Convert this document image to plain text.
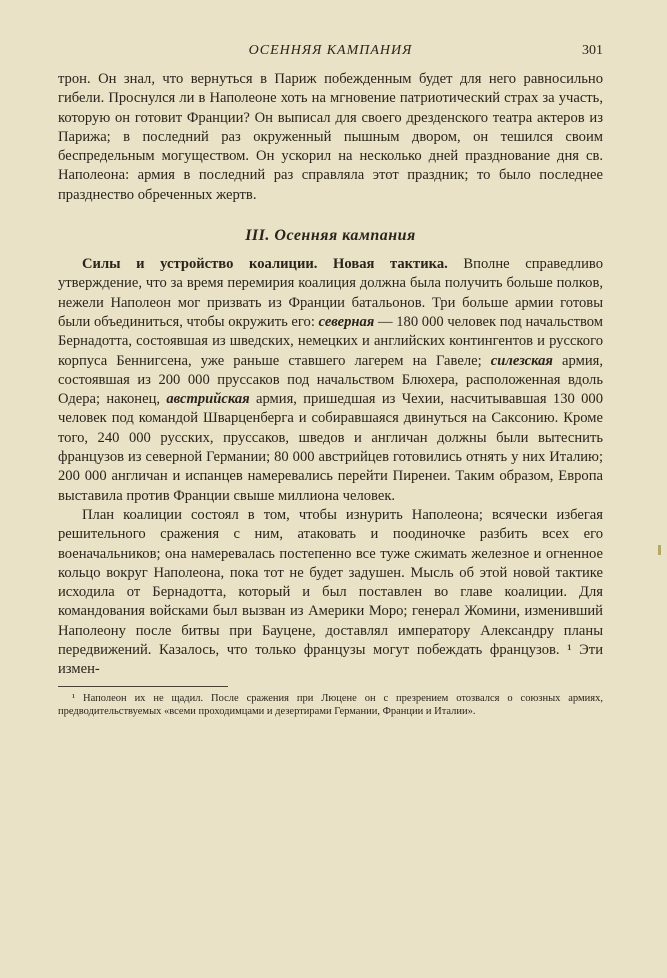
ОСЕННЯЯ КАМПАНИЯ	301

трон. Он знал, что вернуться в Париж побежденным будет для него равносильно гибели. Проснулся ли в Наполеоне хоть на мгновение патриотический страх за участь, которую он готовит Франции? Он выписал для своего дрезденского театра актеров из Парижа; в последний раз окруженный пышным двором, он тешился своим беспредельным могуществом. Он ускорил на несколько дней празднование дня св. Наполеона: армия в последний раз справляла этот праздник; то было последнее празднество обреченных жертв.

III. Осенняя кампания

Силы и устройство коалиции. Новая тактика. Вполне справедливо утверждение, что за время перемирия коалиция должна была получить больше полков, нежели Наполеон мог призвать из Франции батальонов. Три больше армии готовы были объединиться, чтобы окружить его: северная — 180 000 человек под начальством Бернадотта, состоявшая из шведских, немецких и английских контингентов и русского корпуса Беннигсена, уже раньше ставшего лагерем на Гавеле; силезская армия, состоявшая из 200 000 пруссаков под начальством Блюхера, расположенная вдоль Одера; наконец, австрийская армия, пришедшая из Чехии, насчитывавшая 130 000 человек под командой Шварценберга и собиравшаяся двинуться на Саксонию. Кроме того, 240 000 русских, пруссаков, шведов и англичан должны были вытеснить французов из северной Германии; 80 000 австрийцев готовились отнять у них Италию; 200 000 англичан и испанцев намеревались перейти Пиренеи. Таким образом, Европа выставила против Франции свыше миллиона человек.

План коалиции состоял в том, чтобы изнурить Наполеона; всячески избегая решительного сражения с ним, атаковать и поодиночке разбить всех его военачальников; она намеревалась постепенно все туже сжимать железное и огненное кольцо вокруг Наполеона, пока тот не будет задушен. Мысль об этой новой тактике исходила от Бернадотта, который и был поставлен во главе коалиции. Для командования войсками был вызван из Америки Моро; генерал Жомини, изменивший Наполеону после битвы при Бауцене, доставлял императору Александру планы передвижений. Казалось, что только французы могут побеждать французов. ¹ Эти измен-

¹ Наполеон их не щадил. После сражения при Люцене он с презрением отозвался о союзных армиях, предводительствуемых «всеми проходимцами и дезертирами Германии, Франции и Италии».
